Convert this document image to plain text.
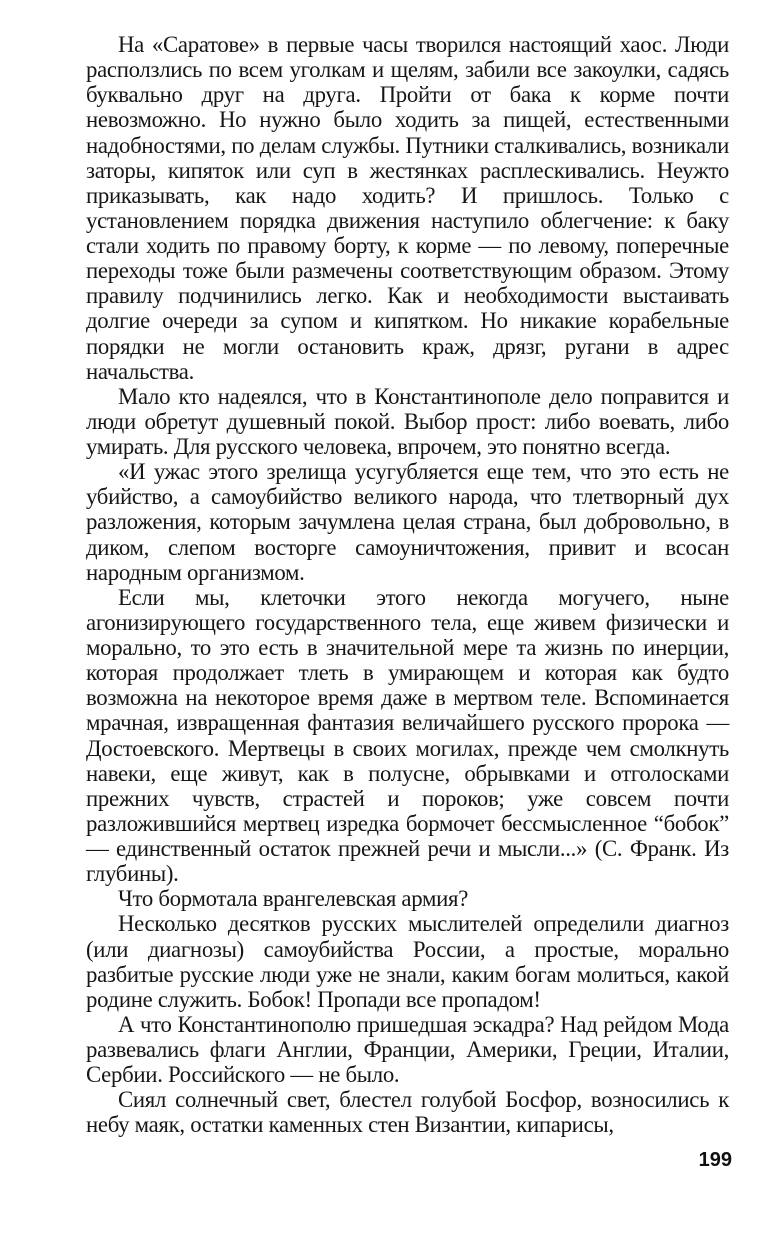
На «Саратове» в первые часы творился настоящий хаос. Люди расползлись по всем уголкам и щелям, забили все закоулки, садясь буквально друг на друга. Пройти от бака к корме почти невозможно. Но нужно было ходить за пищей, естественными надобностями, по делам службы. Путники сталкивались, возникали заторы, кипяток или суп в жестянках расплескивались. Неужто приказывать, как надо ходить? И пришлось. Только с установлением порядка движения наступило облегчение: к баку стали ходить по правому борту, к корме — по левому, поперечные переходы тоже были размечены соответствующим образом. Этому правилу подчинились легко. Как и необходимости выстаивать долгие очереди за супом и кипятком. Но никакие корабельные порядки не могли остановить краж, дрязг, ругани в адрес начальства.

Мало кто надеялся, что в Константинополе дело поправится и люди обретут душевный покой. Выбор прост: либо воевать, либо умирать. Для русского человека, впрочем, это понятно всегда.

«И ужас этого зрелища усугубляется еще тем, что это есть не убийство, а самоубийство великого народа, что тлетворный дух разложения, которым зачумлена целая страна, был добровольно, в диком, слепом восторге самоуничтожения, привит и всосан народным организмом.

Если мы, клеточки этого некогда могучего, ныне агонизирующего государственного тела, еще живем физически и морально, то это есть в значительной мере та жизнь по инерции, которая продолжает тлеть в умирающем и которая как будто возможна на некоторое время даже в мертвом теле. Вспоминается мрачная, извращенная фантазия величайшего русского пророка — Достоевского. Мертвецы в своих могилах, прежде чем смолкнуть навеки, еще живут, как в полусне, обрывками и отголосками прежних чувств, страстей и пороков; уже совсем почти разложившийся мертвец изредка бормочет бессмысленное “бобок” — единственный остаток прежней речи и мысли...» (С. Франк. Из глубины).

Что бормотала врангелевская армия?

Несколько десятков русских мыслителей определили диагноз (или диагнозы) самоубийства России, а простые, морально разбитые русские люди уже не знали, каким богам молиться, какой родине служить. Бобок! Пропади все пропадом!

А что Константинополю пришедшая эскадра? Над рейдом Мода развевались флаги Англии, Франции, Америки, Греции, Италии, Сербии. Российского — не было.

Сиял солнечный свет, блестел голубой Босфор, возносились к небу маяк, остатки каменных стен Византии, кипарисы,

199
